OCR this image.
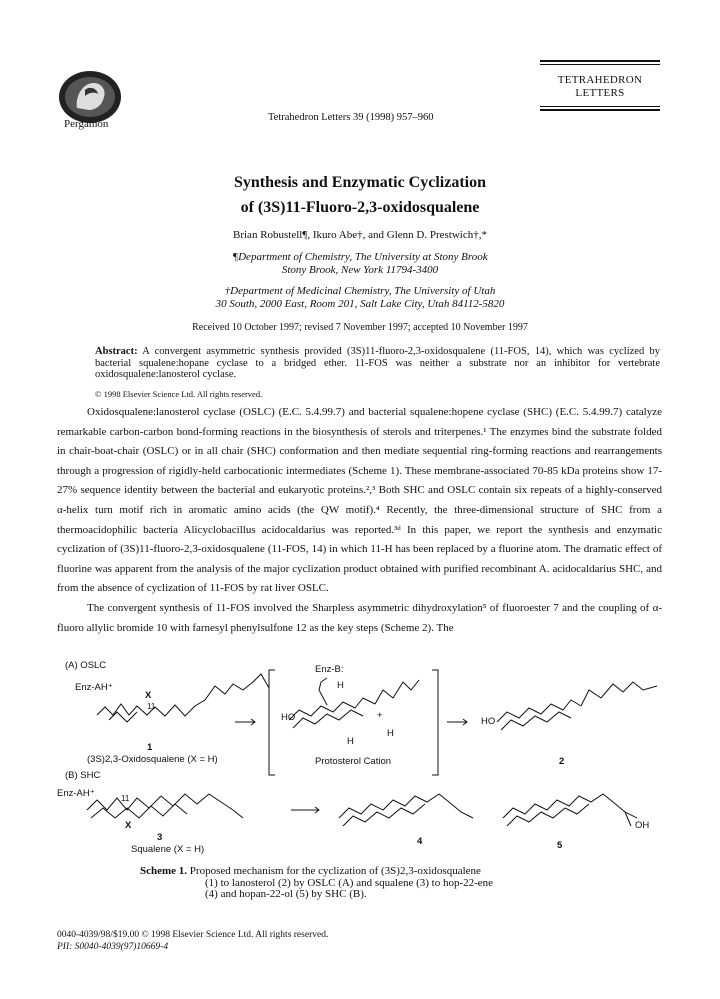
Pergamon
Tetrahedron Letters 39 (1998) 957–960
TETRAHEDRON
LETTERS
Synthesis and Enzymatic Cyclization
of (3S)11-Fluoro-2,3-oxidosqualene
Brian Robustell¶, Ikuro Abe†, and Glenn D. Prestwich†,*
¶Department of Chemistry, The University at Stony Brook
Stony Brook, New York 11794-3400
†Department of Medicinal Chemistry, The University of Utah
30 South, 2000 East, Room 201, Salt Lake City, Utah 84112-5820
Received 10 October 1997; revised 7 November 1997; accepted 10 November 1997
Abstract: A convergent asymmetric synthesis provided (3S)11-fluoro-2,3-oxidosqualene (11-FOS, 14), which was cyclized by bacterial squalene:hopane cyclase to a bridged ether. 11-FOS was neither a substrate nor an inhibitor for vertebrate oxidosqualene:lanosterol cyclase.
© 1998 Elsevier Science Ltd. All rights reserved.

Oxidosqualene:lanosterol cyclase (OSLC) (E.C. 5.4.99.7) and bacterial squalene:hopene cyclase (SHC) (E.C. 5.4.99.7) catalyze remarkable carbon-carbon bond-forming reactions in the biosynthesis of sterols and triterpenes.¹ The enzymes bind the substrate folded in chair-boat-chair (OSLC) or in all chair (SHC) conformation and then mediate sequential ring-forming reactions and rearrangements through a progression of rigidly-held carbocationic intermediates (Scheme 1). These membrane-associated 70-85 kDa proteins show 17-27% sequence identity between the bacterial and eukaryotic proteins.²,³ Both SHC and OSLC contain six repeats of a highly-conserved α-helix turn motif rich in aromatic amino acids (the QW motif).⁴ Recently, the three-dimensional structure of SHC from a thermoacidophilic bacteria Alicyclobacillus acidocaldarius was reported.³ᵈ In this paper, we report the synthesis and enzymatic cyclization of (3S)11-fluoro-2,3-oxidosqualene (11-FOS, 14) in which 11-H has been replaced by a fluorine atom. The dramatic effect of fluorine was apparent from the analysis of the major cyclization product obtained with purified recombinant A. acidocaldarius SHC, and from the absence of cyclization of 11-FOS by rat liver OSLC.

The convergent synthesis of 11-FOS involved the Sharpless asymmetric dihydroxylation⁵ of fluoroester 7 and the coupling of α-fluoro allylic bromide 10 with farnesyl phenylsulfone 12 as the key steps (Scheme 2). The

(A) OSLC
Enz-AH⁺
X
11
1
(3S)2,3-Oxidosqualene (X = H)
Enz-B:
HO
H
H
H
+
Protosterol Cation
HO
2
(B) SHC
Enz-AH⁺	11
X
3
Squalene (X = H)
4
OH
5
Scheme 1. Proposed mechanism for the cyclization of (3S)2,3-oxidosqualene
(1) to lanosterol (2) by OSLC (A) and squalene (3) to hop-22-ene
(4) and hopan-22-ol (5) by SHC (B).
0040-4039/98/$19.00 © 1998 Elsevier Science Ltd. All rights reserved.
PII: S0040-4039(97)10669-4
